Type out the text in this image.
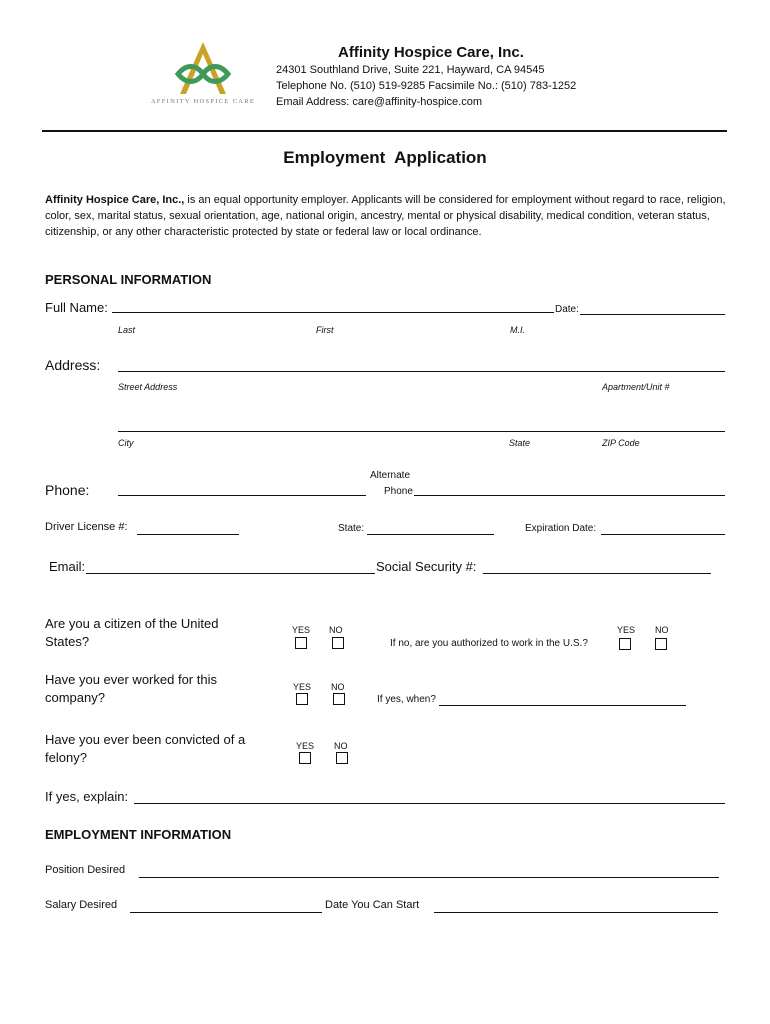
AFFINITY HOSPICE CARE
Affinity Hospice Care, Inc.
24301 Southland Drive, Suite 221, Hayward, CA 94545
Telephone No. (510) 519-9285 Facsimile No.: (510) 783-1252
Email Address: care@affinity-hospice.com
Employment  Application
Affinity Hospice Care, Inc., is an equal opportunity employer. Applicants will be considered for employment without regard to race, religion, color, sex, marital status, sexual orientation, age, national origin, ancestry, mental or physical disability, medical condition, veteran status, citizenship, or any other characteristic protected by state or federal law or local ordinance.
PERSONAL INFORMATION
Full Name:	Date:
Last	First	M.I.
Address:
Street Address	Apartment/Unit #
City	State	ZIP Code
Phone:
Alternate
Phone
Driver License #:	State:	Expiration Date:
Email:	Social Security #:
Are you a citizen of the United States?
YES NO
If no, are you authorized to work in the U.S.?
YES NO
Have you ever worked for this company?
YES NO
If yes, when?
Have you ever been convicted of a felony?
YES NO
If yes, explain:
EMPLOYMENT INFORMATION
Position Desired
Salary Desired	Date You Can Start
